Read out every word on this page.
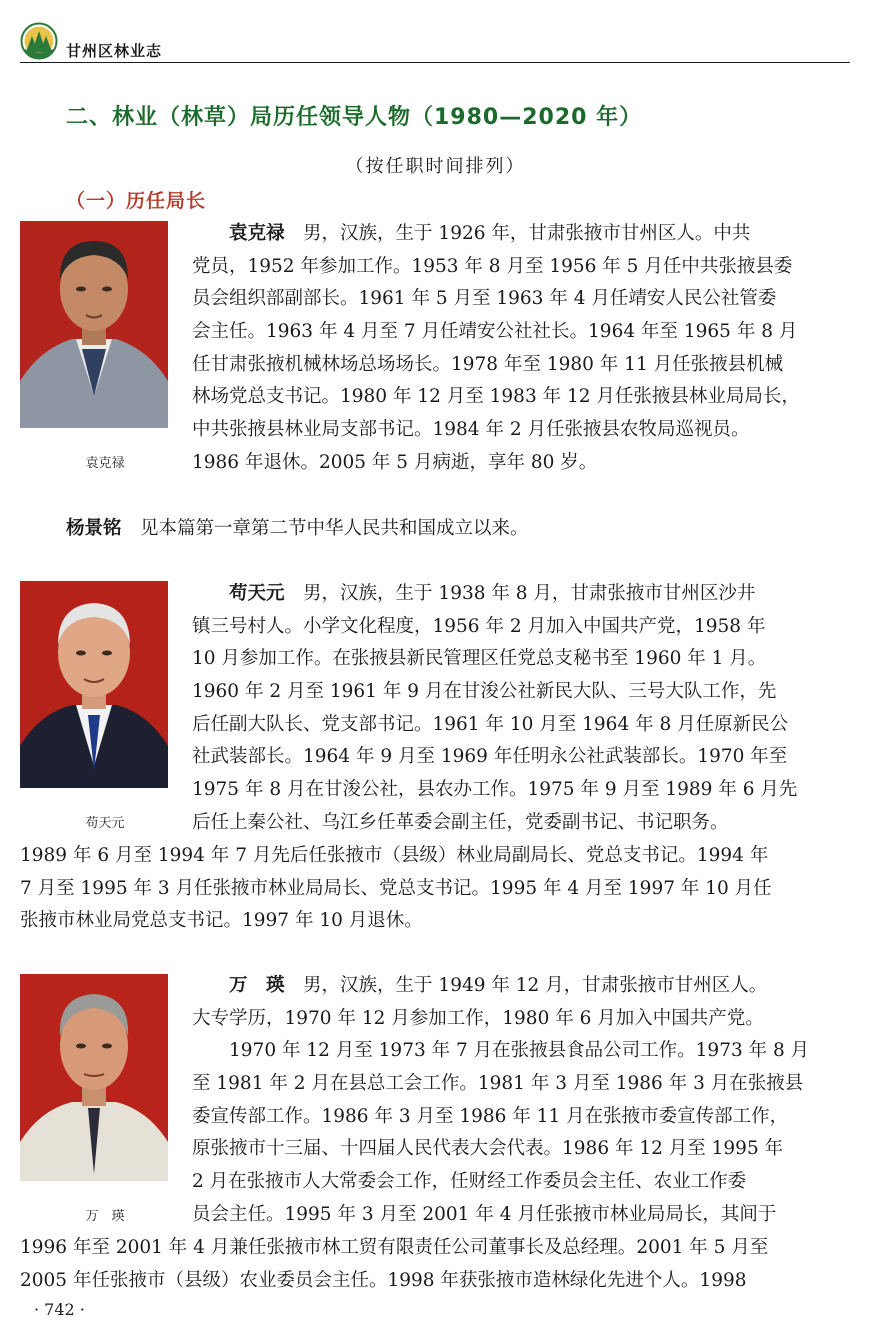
甘州区林业志
二、林业（林草）局历任领导人物（1980—2020 年）
（按任职时间排列）
（一）历任局长
袁克禄
　　袁克禄　 男，汉族，生于 1926 年，甘肃张掖市甘州区人。中共
党员，1952 年参加工作。1953 年 8 月至 1956 年 5 月任中共张掖县委
员会组织部副部长。1961 年 5 月至 1963 年 4 月任靖安人民公社管委
会主任。1963 年 4 月至 7 月任靖安公社社长。1964 年至 1965 年 8 月
任甘肃张掖机械林场总场场长。1978 年至 1980 年 11 月任张掖县机械
林场党总支书记。1980 年 12 月至 1983 年 12 月任张掖县林业局局长，
中共张掖县林业局支部书记。1984 年 2 月任张掖县农牧局巡视员。
1986 年退休。2005 年 5 月病逝，享年 80 岁。
杨景铭　 见本篇第一章第二节中华人民共和国成立以来。
苟天元
　　苟天元　 男，汉族，生于 1938 年 8 月，甘肃张掖市甘州区沙井
镇三号村人。小学文化程度，1956 年 2 月加入中国共产党，1958 年
10 月参加工作。在张掖县新民管理区任党总支秘书至 1960 年 1 月。
1960 年 2 月至 1961 年 9 月在甘浚公社新民大队、三号大队工作，先
后任副大队长、党支部书记。1961 年 10 月至 1964 年 8 月任原新民公
社武装部长。1964 年 9 月至 1969 年任明永公社武装部长。1970 年至
1975 年 8 月在甘浚公社，县农办工作。1975 年 9 月至 1989 年 6 月先
后任上秦公社、乌江乡任革委会副主任，党委副书记、书记职务。
1989 年 6 月至 1994 年 7 月先后任张掖市（县级）林业局副局长、党总支书记。1994 年
7 月至 1995 年 3 月任张掖市林业局局长、党总支书记。1995 年 4 月至 1997 年 10 月任
张掖市林业局党总支书记。1997 年 10 月退休。
万　瑛
　　万　瑛　 男，汉族，生于 1949 年 12 月，甘肃张掖市甘州区人。
大专学历，1970 年 12 月参加工作，1980 年 6 月加入中国共产党。
　　1970 年 12 月至 1973 年 7 月在张掖县食品公司工作。1973 年 8 月
至 1981 年 2 月在县总工会工作。1981 年 3 月至 1986 年 3 月在张掖县
委宣传部工作。1986 年 3 月至 1986 年 11 月在张掖市委宣传部工作，
原张掖市十三届、十四届人民代表大会代表。1986 年 12 月至 1995 年
2 月在张掖市人大常委会工作，任财经工作委员会主任、农业工作委
员会主任。1995 年 3 月至 2001 年 4 月任张掖市林业局局长，其间于
1996 年至 2001 年 4 月兼任张掖市林工贸有限责任公司董事长及总经理。2001 年 5 月至
2005 年任张掖市（县级）农业委员会主任。1998 年获张掖市造林绿化先进个人。1998
· 742 ·
